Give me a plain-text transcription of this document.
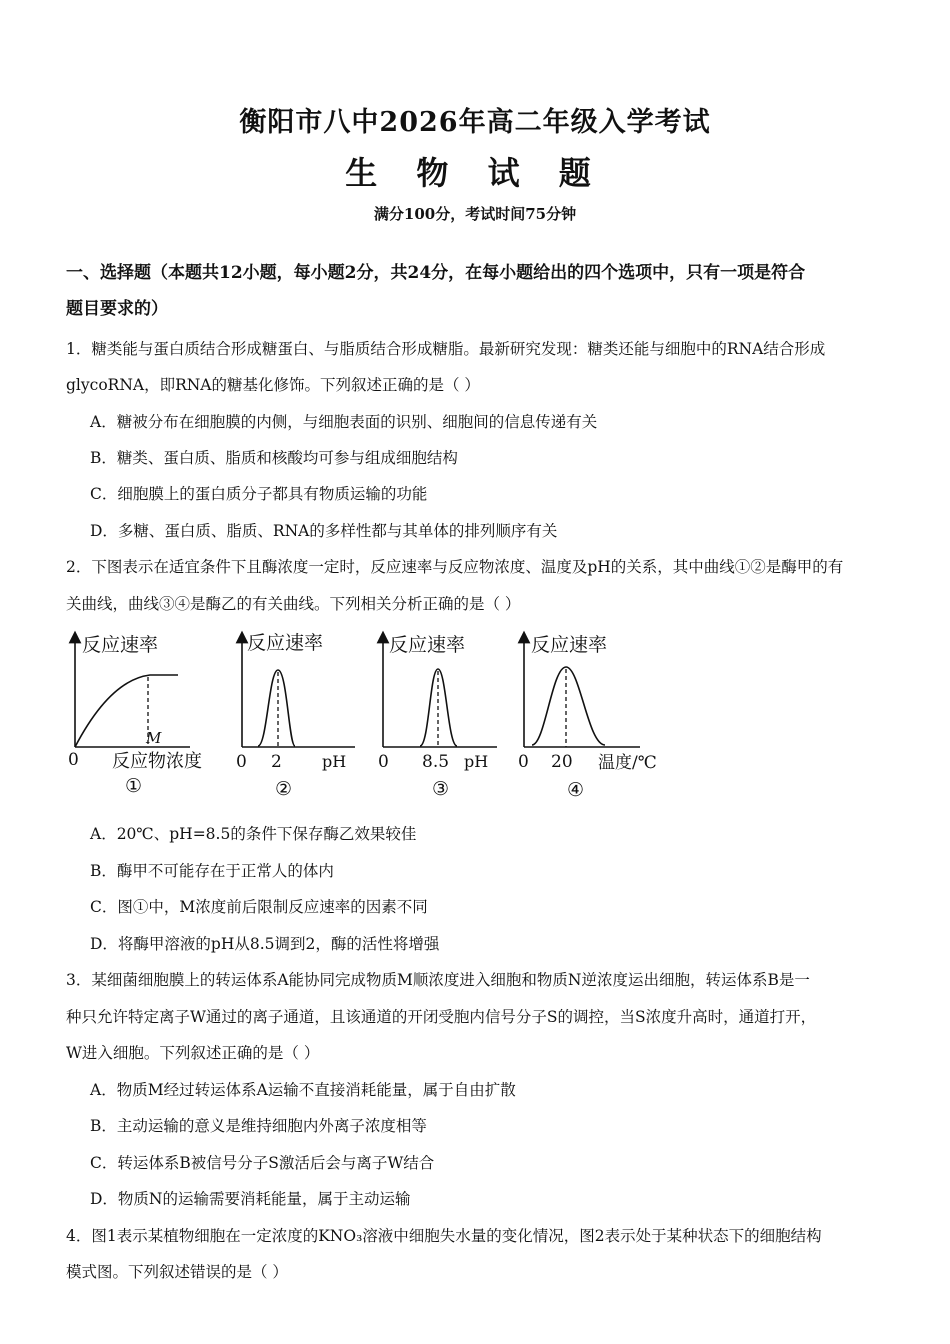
衡阳市八中2026年高二年级入学考试
生 物 试 题
满分100分，考试时间75分钟
一、选择题（本题共12小题，每小题2分，共24分，在每小题给出的四个选项中，只有一项是符合
题目要求的）
1．糖类能与蛋白质结合形成糖蛋白、与脂质结合形成糖脂。最新研究发现：糖类还能与细胞中的RNA结合形成
glycoRNA，即RNA的糖基化修饰。下列叙述正确的是（ ）
A．糖被分布在细胞膜的内侧，与细胞表面的识别、细胞间的信息传递有关
B．糖类、蛋白质、脂质和核酸均可参与组成细胞结构
C．细胞膜上的蛋白质分子都具有物质运输的功能
D．多糖、蛋白质、脂质、RNA的多样性都与其单体的排列顺序有关
2．下图表示在适宜条件下且酶浓度一定时，反应速率与反应物浓度、温度及pH的关系，其中曲线①②是酶甲的有
关曲线，曲线③④是酶乙的有关曲线。下列相关分析正确的是（ ）
反应速率
M
0 反应物浓度
①
反应速率
0 2	pH
②
反应速率
0 8.5 pH
③
反应速率
0 20 温度/℃
④
A．20℃、pH=8.5的条件下保存酶乙效果较佳
B．酶甲不可能存在于正常人的体内
C．图①中，M浓度前后限制反应速率的因素不同
D．将酶甲溶液的pH从8.5调到2，酶的活性将增强
3．某细菌细胞膜上的转运体系A能协同完成物质M顺浓度进入细胞和物质N逆浓度运出细胞，转运体系B是一
种只允许特定离子W通过的离子通道，且该通道的开闭受胞内信号分子S的调控，当S浓度升高时，通道打开，
W进入细胞。下列叙述正确的是（ ）
A．物质M经过转运体系A运输不直接消耗能量，属于自由扩散
B．主动运输的意义是维持细胞内外离子浓度相等
C．转运体系B被信号分子S激活后会与离子W结合
D．物质N的运输需要消耗能量，属于主动运输
4．图1表示某植物细胞在一定浓度的KNO₃溶液中细胞失水量的变化情况，图2表示处于某种状态下的细胞结构
模式图。下列叙述错误的是（ ）
